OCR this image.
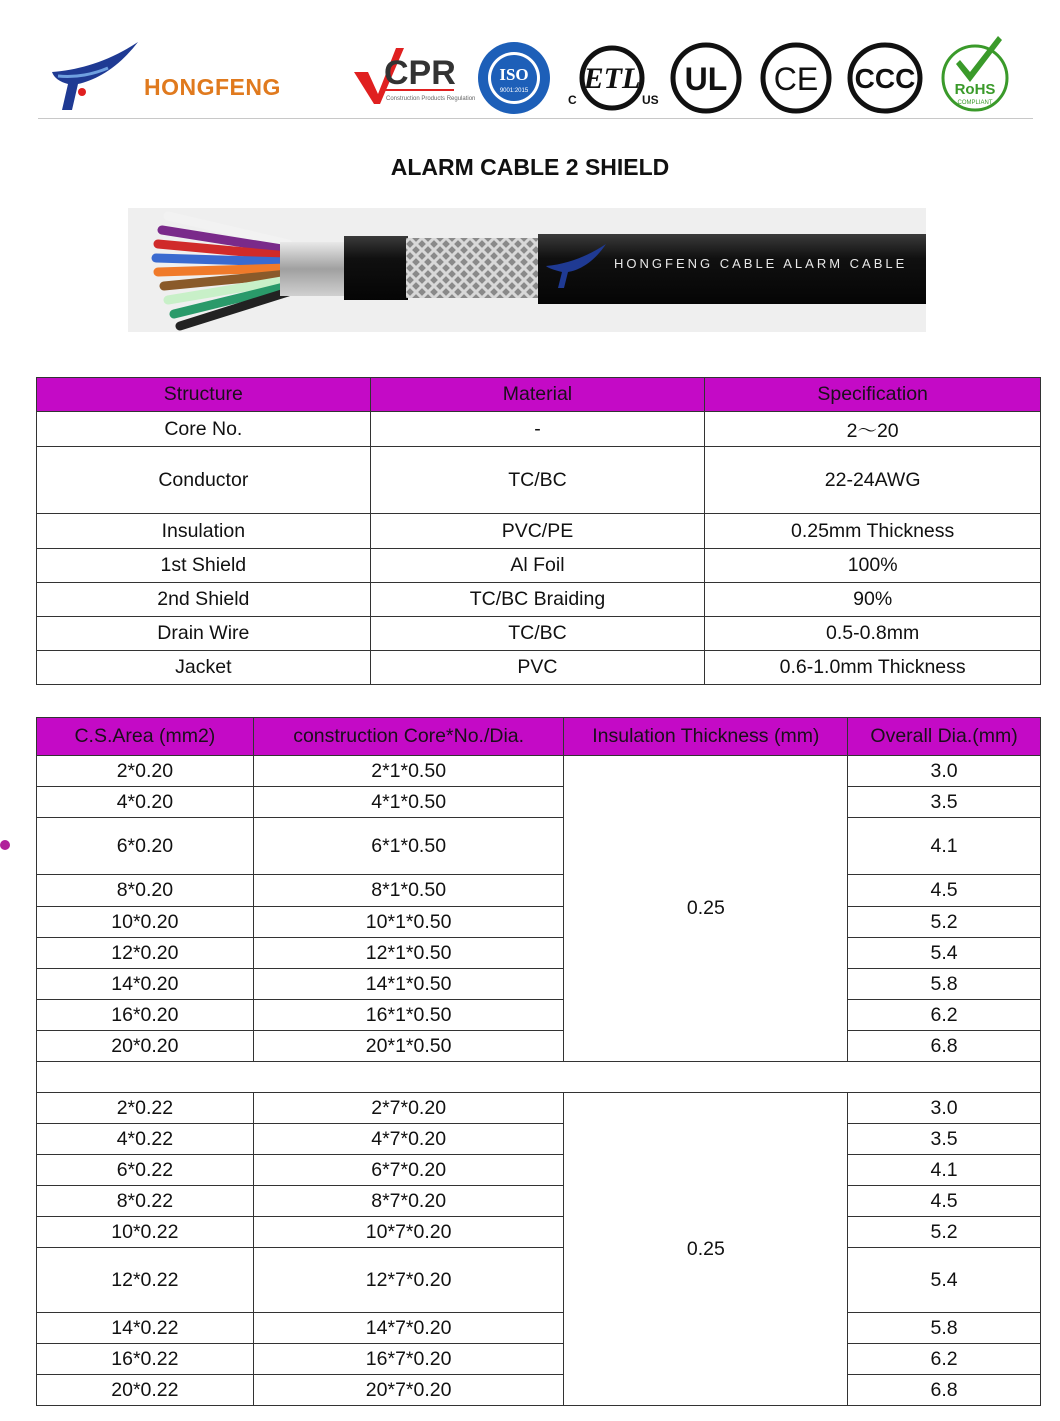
HONGFENG	CPR
Construction Products Regulation
ISO
9001:2015 ETL
C	US
UL CE CCC	RoHS
COMPLIANT
ALARM CABLE 2 SHIELD
HONGFENG CABLE ALARM CABLE
Structure	Material	Specification
Core No.	-	2～20
Conductor	TC/BC	22-24AWG
Insulation	PVC/PE	0.25mm Thickness
1st Shield	Al Foil	100%
2nd Shield	TC/BC Braiding	90%
Drain Wire	TC/BC	0.5-0.8mm
Jacket	PVC	0.6-1.0mm Thickness
C.S.Area (mm2)	construction Core*No./Dia.	Insulation Thickness (mm)	Overall Dia.(mm)
2*0.20	2*1*0.50	0.25	3.0
4*0.20	4*1*0.50		3.5
6*0.20	6*1*0.50		4.1
8*0.20	8*1*0.50		4.5
10*0.20	10*1*0.50		5.2
12*0.20	12*1*0.50		5.4
14*0.20	14*1*0.50		5.8
16*0.20	16*1*0.50		6.2
20*0.20	20*1*0.50		6.8

2*0.22	2*7*0.20	0.25	3.0
4*0.22	4*7*0.20		3.5
6*0.22	6*7*0.20		4.1
8*0.22	8*7*0.20		4.5
10*0.22	10*7*0.20		5.2
12*0.22	12*7*0.20		5.4
14*0.22	14*7*0.20		5.8
16*0.22	16*7*0.20		6.2
20*0.22	20*7*0.20		6.8
